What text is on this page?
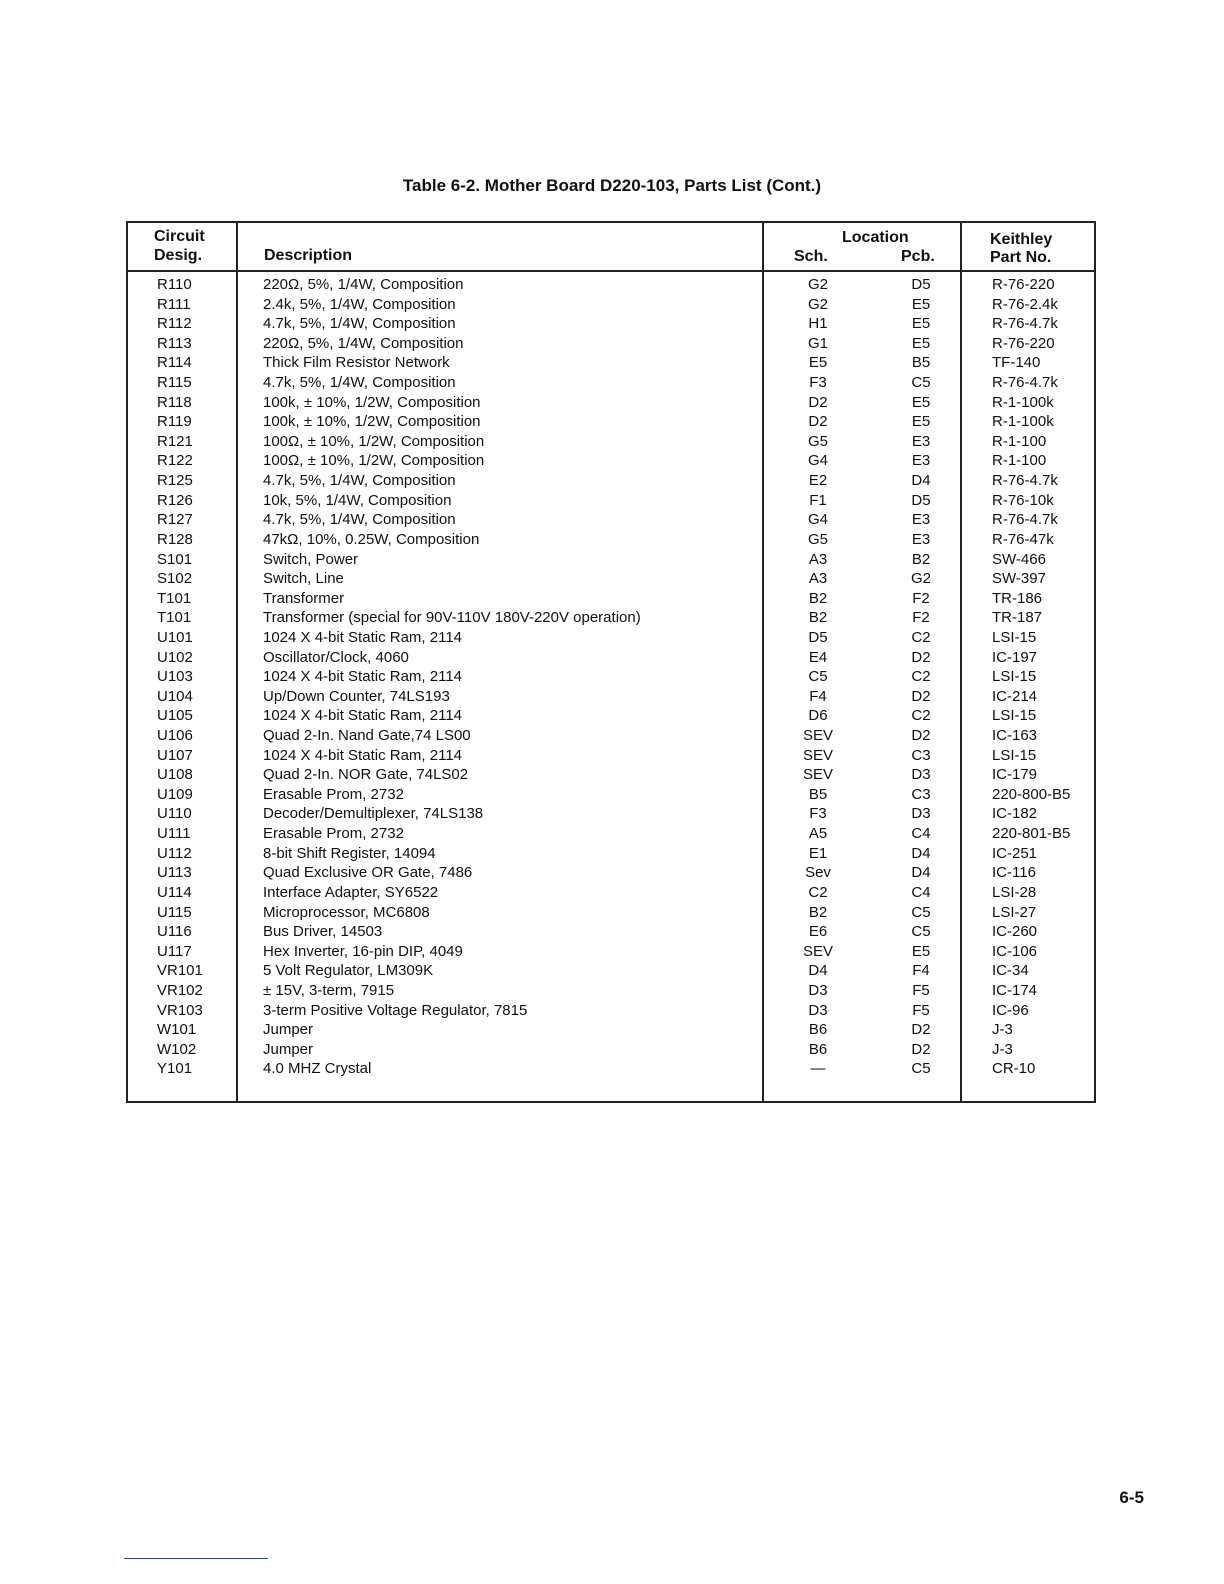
Table 6-2. Mother Board D220-103, Parts List (Cont.)
Circuit
Desig.	Description
Location
Sch.	Pcb.
Keithley
Part No.
R110	220Ω, 5%, 1/4W, Composition	G2	D5	R-76-220
R111	2.4k, 5%, 1/4W, Composition	G2	E5	R-76-2.4k
R112	4.7k, 5%, 1/4W, Composition	H1	E5	R-76-4.7k
R113	220Ω, 5%, 1/4W, Composition	G1	E5	R-76-220
R114	Thick Film Resistor Network	E5	B5	TF-140
R115	4.7k, 5%, 1/4W, Composition	F3	C5	R-76-4.7k
R118	100k, ± 10%, 1/2W, Composition	D2	E5	R-1-100k
R119	100k, ± 10%, 1/2W, Composition	D2	E5	R-1-100k
R121	100Ω, ± 10%, 1/2W, Composition	G5	E3	R-1-100
R122	100Ω, ± 10%, 1/2W, Composition	G4	E3	R-1-100
R125	4.7k, 5%, 1/4W, Composition	E2	D4	R-76-4.7k
R126	10k, 5%, 1/4W, Composition	F1	D5	R-76-10k
R127	4.7k, 5%, 1/4W, Composition	G4	E3	R-76-4.7k
R128	47kΩ, 10%, 0.25W, Composition	G5	E3	R-76-47k
S101	Switch, Power	A3	B2	SW-466
S102	Switch, Line	A3	G2	SW-397
T101	Transformer	B2	F2	TR-186
T101	Transformer (special for 90V-110V 180V-220V operation)	B2	F2	TR-187
U101	1024 X 4-bit Static Ram, 2114	D5	C2	LSI-15
U102	Oscillator/Clock, 4060	E4	D2	IC-197
U103	1024 X 4-bit Static Ram, 2114	C5	C2	LSI-15
U104	Up/Down Counter, 74LS193	F4	D2	IC-214
U105	1024 X 4-bit Static Ram, 2114	D6	C2	LSI-15
U106	Quad 2-In. Nand Gate,74 LS00	SEV	D2	IC-163
U107	1024 X 4-bit Static Ram, 2114	SEV	C3	LSI-15
U108	Quad 2-In. NOR Gate, 74LS02	SEV	D3	IC-179
U109	Erasable Prom, 2732	B5	C3	220-800-B5
U110	Decoder/Demultiplexer, 74LS138	F3	D3	IC-182
U111	Erasable Prom, 2732	A5	C4	220-801-B5
U112	8-bit Shift Register, 14094	E1	D4	IC-251
U113	Quad Exclusive OR Gate, 7486	Sev	D4	IC-116
U114	Interface Adapter, SY6522	C2	C4	LSI-28
U115	Microprocessor, MC6808	B2	C5	LSI-27
U116	Bus Driver, 14503	E6	C5	IC-260
U117	Hex Inverter, 16-pin DIP, 4049	SEV	E5	IC-106
VR101	5 Volt Regulator, LM309K	D4	F4	IC-34
VR102	± 15V, 3-term, 7915	D3	F5	IC-174
VR103	3-term Positive Voltage Regulator, 7815	D3	F5	IC-96
W101	Jumper	B6	D2	J-3
W102	Jumper	B6	D2	J-3
Y101	4.0 MHZ Crystal	—	C5	CR-10
6-5
